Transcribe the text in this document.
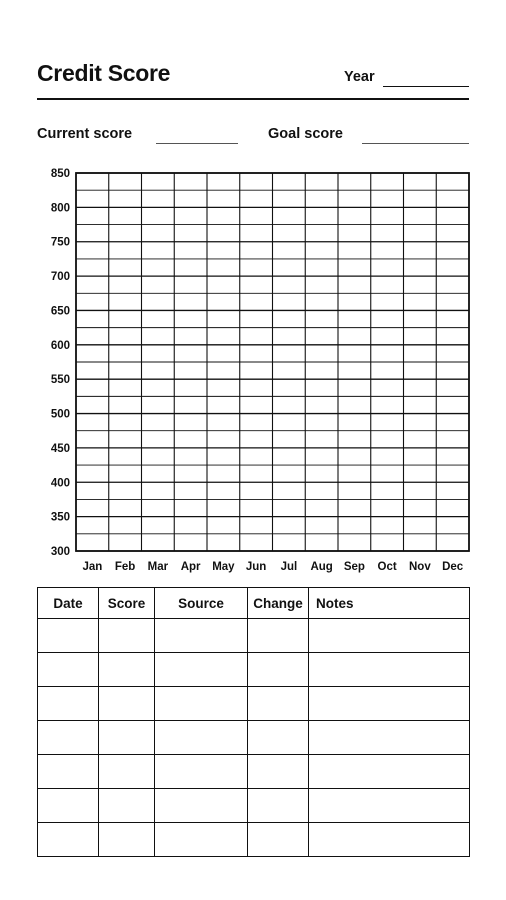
Credit Score	Year
Current score	Goal score
850
800
750
700
650
600
550
500
450
400
350
300
Jan Feb Mar Apr May Jun Jul Aug Sep Oct Nov Dec
Date	Score	Source	Change	Notes
